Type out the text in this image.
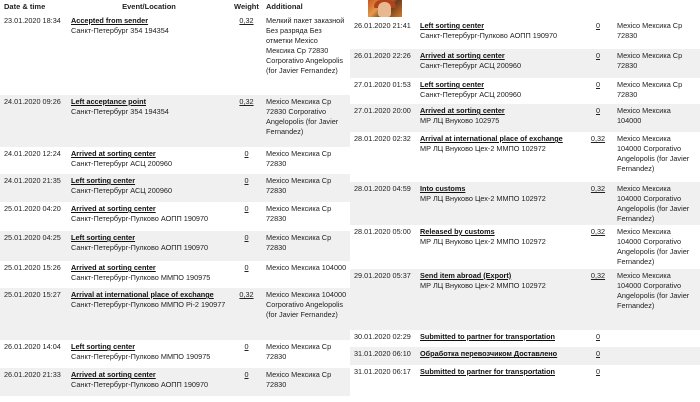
Date & time	Event/Location	Weight	Additional
23.01.2020 18:34	Accepted from sender
Санкт-Петербург 354 194354	0,32	Мелкий пакет заказной Без разряда Без отметки Mexico Мексика Cp 72830 Corporativo Angelopolis (for Javier Fernandez)
24.01.2020 09:26	Left acceptance point
Санкт-Петербург 354 194354	0,32	Mexico Мексика Cp 72830 Corporativo Angelopolis (for Javier Fernandez)
24.01.2020 12:24	Arrived at sorting center
Санкт-Петербург АСЦ 200960	0	Mexico Мексика Cp 72830
24.01.2020 21:35	Left sorting center
Санкт-Петербург АСЦ 200960	0	Mexico Мексика Cp 72830
25.01.2020 04:20	Arrived at sorting center
Санкт-Петербург-Пулково АОПП 190970	0	Mexico Мексика Cp 72830
25.01.2020 04:25	Left sorting center
Санкт-Петербург-Пулково АОПП 190970	0	Mexico Мексика Cp 72830
25.01.2020 15:26	Arrived at sorting center
Санкт-Петербург-Пулково ММПО 190975	0	Mexico Мексика 104000
25.01.2020 15:27	Arrival at international place of exchange
Санкт-Петербург-Пулково ММПО Pi-2 190977	0,32	Mexico Мексика 104000 Corporativo Angelopolis (for Javier Fernandez)
26.01.2020 14:04	Left sorting center
Санкт-Петербург-Пулково ММПО 190975	0	Mexico Мексика Cp 72830
26.01.2020 21:33	Arrived at sorting center
Санкт-Петербург-Пулково АОПП 190970	0	Mexico Мексика Cp 72830
26.01.2020 21:41	Left sorting center
Санкт-Петербург-Пулково АОПП 190970	0	Mexico Мексика Cp 72830
26.01.2020 22:26	Arrived at sorting center
Санкт-Петербург АСЦ 200960	0	Mexico Мексика Cp 72830
27.01.2020 01:53	Left sorting center
Санкт-Петербург АСЦ 200960	0	Mexico Мексика Cp 72830
27.01.2020 20:00	Arrived at sorting center
МР ЛЦ Внуково 102975	0	Mexico Мексика 104000
28.01.2020 02:32	Arrival at international place of exchange
МР ЛЦ Внуково Цех-2 ММПО 102972	0,32	Mexico Мексика 104000 Corporativo Angelopolis (for Javier Fernandez)
28.01.2020 04:59	Into customs
МР ЛЦ Внуково Цех-2 ММПО 102972	0,32	Mexico Мексика 104000 Corporativo Angelopolis (for Javier Fernandez)
28.01.2020 05:00	Released by customs
МР ЛЦ Внуково Цех-2 ММПО 102972	0,32	Mexico Мексика 104000 Corporativo Angelopolis (for Javier Fernandez)
29.01.2020 05:37	Send item abroad (Export)
МР ЛЦ Внуково Цех-2 ММПО 102972	0,32	Mexico Мексика 104000 Corporativo Angelopolis (for Javier Fernandez)
30.01.2020 02:29	Submitted to partner for transportation	0	
31.01.2020 06:10	Обработка перевозчиком Доставлено	0	
31.01.2020 06:17	Submitted to partner for transportation	0	
